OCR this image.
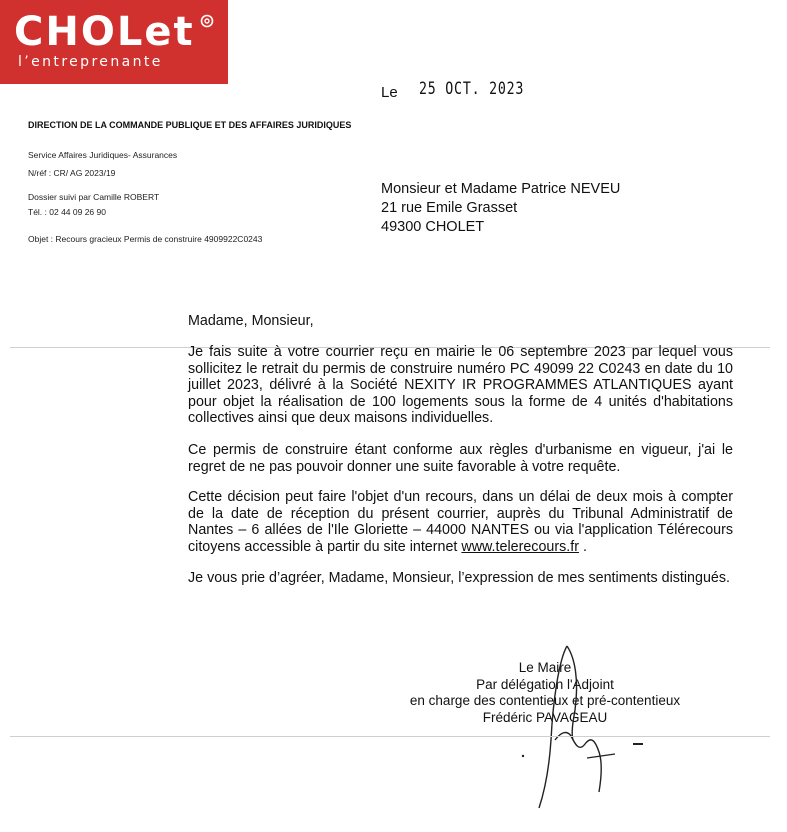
CHOLet
l’entreprenante
Le 25 OCT. 2023
DIRECTION DE LA COMMANDE PUBLIQUE ET DES AFFAIRES JURIDIQUES
Service Affaires Juridiques- Assurances
N/réf : CR/ AG 2023/19
Dossier suivi par Camille ROBERT
Tél. : 02 44 09 26 90
Objet : Recours gracieux Permis de construire 4909922C0243
Monsieur et Madame Patrice NEVEU
21 rue Emile Grasset
49300 CHOLET
Madame, Monsieur,
Je fais suite à votre courrier reçu en mairie le 06 septembre 2023 par lequel vous sollicitez le retrait du permis de construire numéro PC 49099 22 C0243 en date du 10 juillet 2023, délivré à la Société NEXITY IR PROGRAMMES ATLANTIQUES ayant pour objet la réalisation de 100 logements sous la forme de 4 unités d'habitations collectives ainsi que deux maisons individuelles.
Ce permis de construire étant conforme aux règles d'urbanisme en vigueur, j'ai le regret de ne pas pouvoir donner une suite favorable à votre requête.
Cette décision peut faire l'objet d'un recours, dans un délai de deux mois à compter de la date de réception du présent courrier, auprès du Tribunal Administratif de Nantes – 6 allées de l'Ile Gloriette – 44000 NANTES ou via l'application Télérecours citoyens accessible à partir du site internet www.telerecours.fr .
Je vous prie d’agréer, Madame, Monsieur, l’expression de mes sentiments distingués.
Le Maire
Par délégation l'Adjoint
en charge des contentieux et pré-contentieux
Frédéric PAVAGEAU
